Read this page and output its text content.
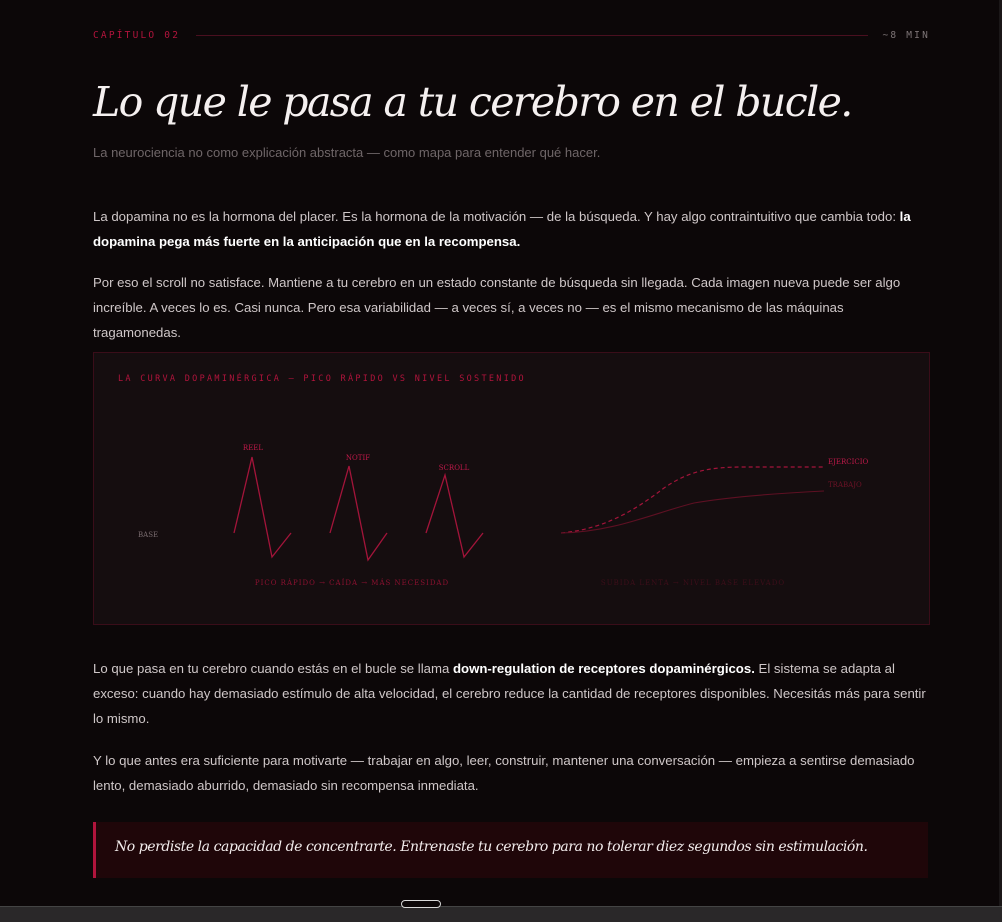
CAPÍTULO 02	~8 MIN
Lo que le pasa a tu cerebro en el bucle.

La neurociencia no como explicación abstracta — como mapa para entender qué hacer.

La dopamina no es la hormona del placer. Es la hormona de la motivación — de la búsqueda. Y hay algo contraintuitivo que cambia todo: la dopamina pega más fuerte en la anticipación que en la recompensa.

Por eso el scroll no satisface. Mantiene a tu cerebro en un estado constante de búsqueda sin llegada. Cada imagen nueva puede ser algo increíble. A veces lo es. Casi nunca. Pero esa variabilidad — a veces sí, a veces no — es el mismo mecanismo de las máquinas tragamonedas.

LA CURVA DOPAMINÉRGICA — PICO RÁPIDO VS NIVEL SOSTENIDO
BASE
REEL
NOTIF
SCROLL
EJERCICIO
TRABAJO
PICO RÁPIDO → CAÍDA → MÁS NECESIDAD	SUBIDA LENTA → NIVEL BASE ELEVADO

Lo que pasa en tu cerebro cuando estás en el bucle se llama down-regulation de receptores dopaminérgicos. El sistema se adapta al exceso: cuando hay demasiado estímulo de alta velocidad, el cerebro reduce la cantidad de receptores disponibles. Necesitás más para sentir lo mismo.

Y lo que antes era suficiente para motivarte — trabajar en algo, leer, construir, mantener una conversación — empieza a sentirse demasiado lento, demasiado aburrido, demasiado sin recompensa inmediata.

No perdiste la capacidad de concentrarte. Entrenaste tu cerebro para no tolerar diez segundos sin estimulación.
